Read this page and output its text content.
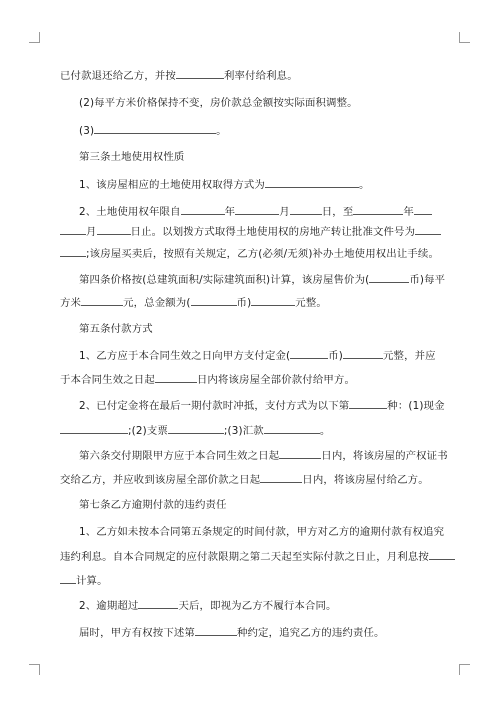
已付款退还给乙方，并按	利率付给利息。
(2)每平方米价格保持不变，房价款总金额按实际面积调整。
(3)	。
第三条土地使用权性质
1、该房屋相应的土地使用权取得方式为	。
2、土地使用权年限自	年	月	日，至	年
月	日止。以划拨方式取得土地使用权的房地产转让批准文件号为
;该房屋买卖后，按照有关规定，乙方(必须/无须)补办土地使用权出让手续。
第四条价格按(总建筑面积/实际建筑面积)计算，该房屋售价为(	币)每平
方米	元，总金额为(	币)	元整。
第五条付款方式
1、乙方应于本合同生效之日向甲方支付定金(	币)	元整，并应
于本合同生效之日起	日内将该房屋全部价款付给甲方。
2、已付定金将在最后一期付款时冲抵，支付方式为以下第	种：(1)现金
;(2)支票	;(3)汇款	。
第六条交付期限甲方应于本合同生效之日起	日内，将该房屋的产权证书
交给乙方，并应收到该房屋全部价款之日起	日内，将该房屋付给乙方。
第七条乙方逾期付款的违约责任
1、乙方如未按本合同第五条规定的时间付款，甲方对乙方的逾期付款有权追究
违约利息。自本合同规定的应付款限期之第二天起至实际付款之日止，月利息按
计算。
2、逾期超过	天后，即视为乙方不履行本合同。
届时，甲方有权按下述第	种约定，追究乙方的违约责任。
